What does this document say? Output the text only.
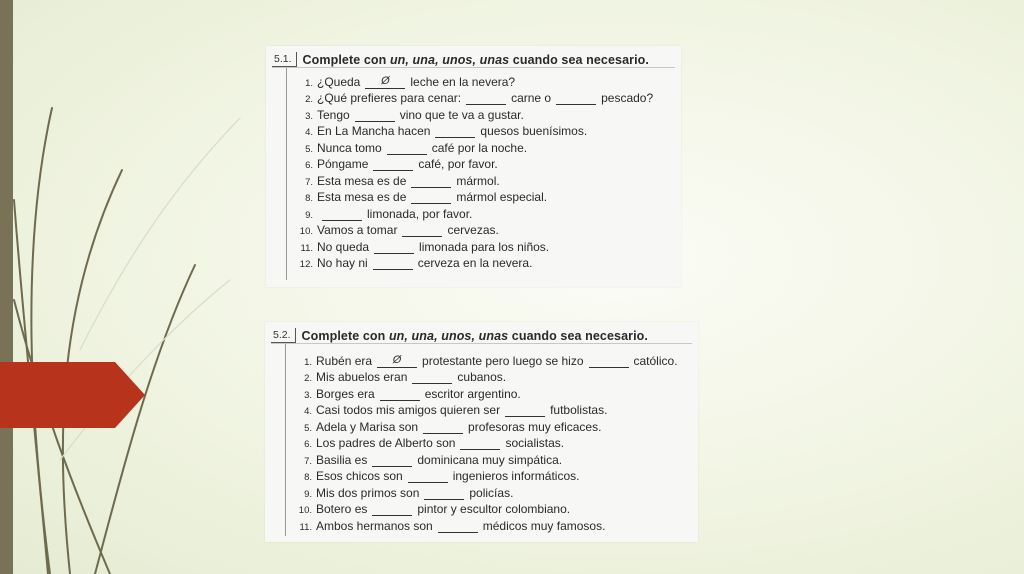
5.1. Complete con un, una, unos, unas cuando sea necesario.
1. ¿Queda	Ø	leche en la nevera?
2. ¿Qué prefieres para cenar:	carne o	pescado?
3. Tengo	vino que te va a gustar.
4. En La Mancha hacen	quesos buenísimos.
5. Nunca tomo	café por la noche.
6. Póngame	café, por favor.
7. Esta mesa es de	mármol.
8. Esta mesa es de	mármol especial.
9.	limonada, por favor.
10. Vamos a tomar	cervezas.
11. No queda	limonada para los niños.
12. No hay ni	cerveza en la nevera.
5.2. Complete con un, una, unos, unas cuando sea necesario.
1. Rubén era	Ø	protestante pero luego se hizo	católico.
2. Mis abuelos eran	cubanos.
3. Borges era	escritor argentino.
4. Casi todos mis amigos quieren ser	futbolistas.
5. Adela y Marisa son	profesoras muy eficaces.
6. Los padres de Alberto son	socialistas.
7. Basilia es	dominicana muy simpática.
8. Esos chicos son	ingenieros informáticos.
9. Mis dos primos son	policías.
10. Botero es	pintor y escultor colombiano.
11. Ambos hermanos son	médicos muy famosos.
